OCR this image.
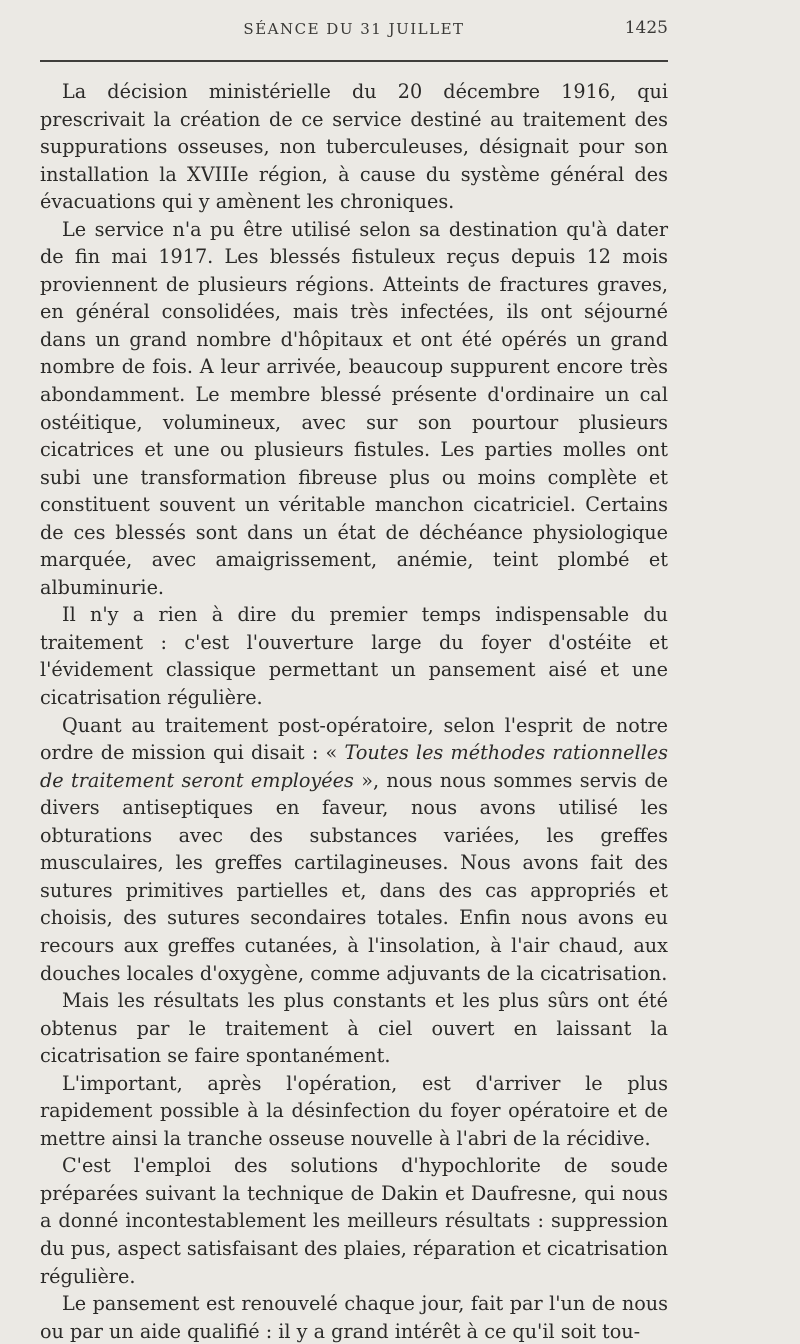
SÉANCE DU 31 JUILLET	1425

La décision ministérielle du 20 décembre 1916, qui prescrivait la création de ce service destiné au traitement des suppurations osseuses, non tuberculeuses, désignait pour son installation la XVIIIe région, à cause du système général des évacuations qui y amènent les chroniques.

Le service n'a pu être utilisé selon sa destination qu'à dater de fin mai 1917. Les blessés fistuleux reçus depuis 12 mois proviennent de plusieurs régions. Atteints de fractures graves, en général consolidées, mais très infectées, ils ont séjourné dans un grand nombre d'hôpitaux et ont été opérés un grand nombre de fois. A leur arrivée, beaucoup suppurent encore très abondamment. Le membre blessé présente d'ordinaire un cal ostéitique, volumineux, avec sur son pourtour plusieurs cicatrices et une ou plusieurs fistules. Les parties molles ont subi une transformation fibreuse plus ou moins complète et constituent souvent un véritable manchon cicatriciel. Certains de ces blessés sont dans un état de déchéance physiologique marquée, avec amaigrissement, anémie, teint plombé et albuminurie.

Il n'y a rien à dire du premier temps indispensable du traitement : c'est l'ouverture large du foyer d'ostéite et l'évidement classique permettant un pansement aisé et une cicatrisation régulière.

Quant au traitement post-opératoire, selon l'esprit de notre ordre de mission qui disait : « Toutes les méthodes rationnelles de traitement seront employées », nous nous sommes servis de divers antiseptiques en faveur, nous avons utilisé les obturations avec des substances variées, les greffes musculaires, les greffes cartilagineuses. Nous avons fait des sutures primitives partielles et, dans des cas appropriés et choisis, des sutures secondaires totales. Enfin nous avons eu recours aux greffes cutanées, à l'insolation, à l'air chaud, aux douches locales d'oxygène, comme adjuvants de la cicatrisation.

Mais les résultats les plus constants et les plus sûrs ont été obtenus par le traitement à ciel ouvert en laissant la cicatrisation se faire spontanément.

L'important, après l'opération, est d'arriver le plus rapidement possible à la désinfection du foyer opératoire et de mettre ainsi la tranche osseuse nouvelle à l'abri de la récidive.

C'est l'emploi des solutions d'hypochlorite de soude préparées suivant la technique de Dakin et Daufresne, qui nous a donné incontestablement les meilleurs résultats : suppression du pus, aspect satisfaisant des plaies, réparation et cicatrisation régulière.

Le pansement est renouvelé chaque jour, fait par l'un de nous ou par un aide qualifié : il y a grand intérêt à ce qu'il soit tou-
